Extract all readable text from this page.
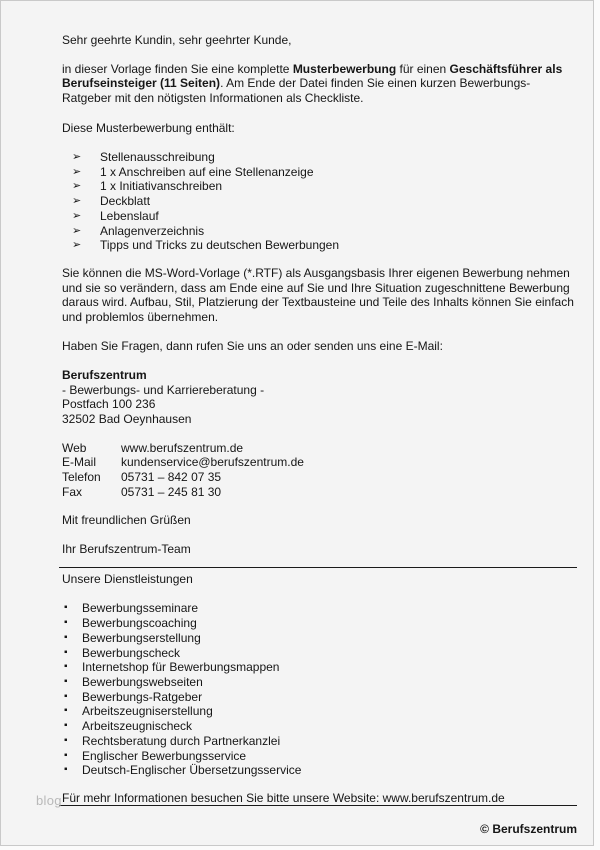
Sehr geehrte Kundin, sehr geehrter Kunde,

in dieser Vorlage finden Sie eine komplette Musterbewerbung für einen Geschäftsführer als Berufseinsteiger (11 Seiten). Am Ende der Datei finden Sie einen kurzen Bewerbungs-Ratgeber mit den nötigsten Informationen als Checkliste.

Diese Musterbewerbung enthält:

➢	Stellenausschreibung
➢	1 x Anschreiben auf eine Stellenanzeige
➢	1 x Initiativanschreiben
➢	Deckblatt
➢	Lebenslauf
➢	Anlagenverzeichnis
➢	Tipps und Tricks zu deutschen Bewerbungen

Sie können die MS-Word-Vorlage (*.RTF) als Ausgangsbasis Ihrer eigenen Bewerbung nehmen und sie so verändern, dass am Ende eine auf Sie und Ihre Situation zugeschnittene Bewerbung daraus wird. Aufbau, Stil, Platzierung der Textbausteine und Teile des Inhalts können Sie einfach und problemlos übernehmen.

Haben Sie Fragen, dann rufen Sie uns an oder senden uns eine E-Mail:

Berufszentrum
- Bewerbungs- und Karriereberatung -
Postfach 100 236
32502 Bad Oeynhausen
Web	www.berufszentrum.de
E-Mail	kundenservice@berufszentrum.de
Telefon	05731 – 842 07 35
Fax	05731 – 245 81 30

Mit freundlichen Grüßen

Ihr Berufszentrum-Team

Unsere Dienstleistungen

▪	Bewerbungsseminare
▪	Bewerbungscoaching
▪	Bewerbungserstellung
▪	Bewerbungscheck
▪	Internetshop für Bewerbungsmappen
▪	Bewerbungswebseiten
▪	Bewerbungs-Ratgeber
▪	Arbeitszeugniserstellung
▪	Arbeitszeugnischeck
▪	Rechtsberatung durch Partnerkanzlei
▪	Englischer Bewerbungsservice
▪	Deutsch-Englischer Übersetzungsservice

Für mehr Informationen besuchen Sie bitte unsere Website: www.berufszentrum.de

© Berufszentrum

blog
